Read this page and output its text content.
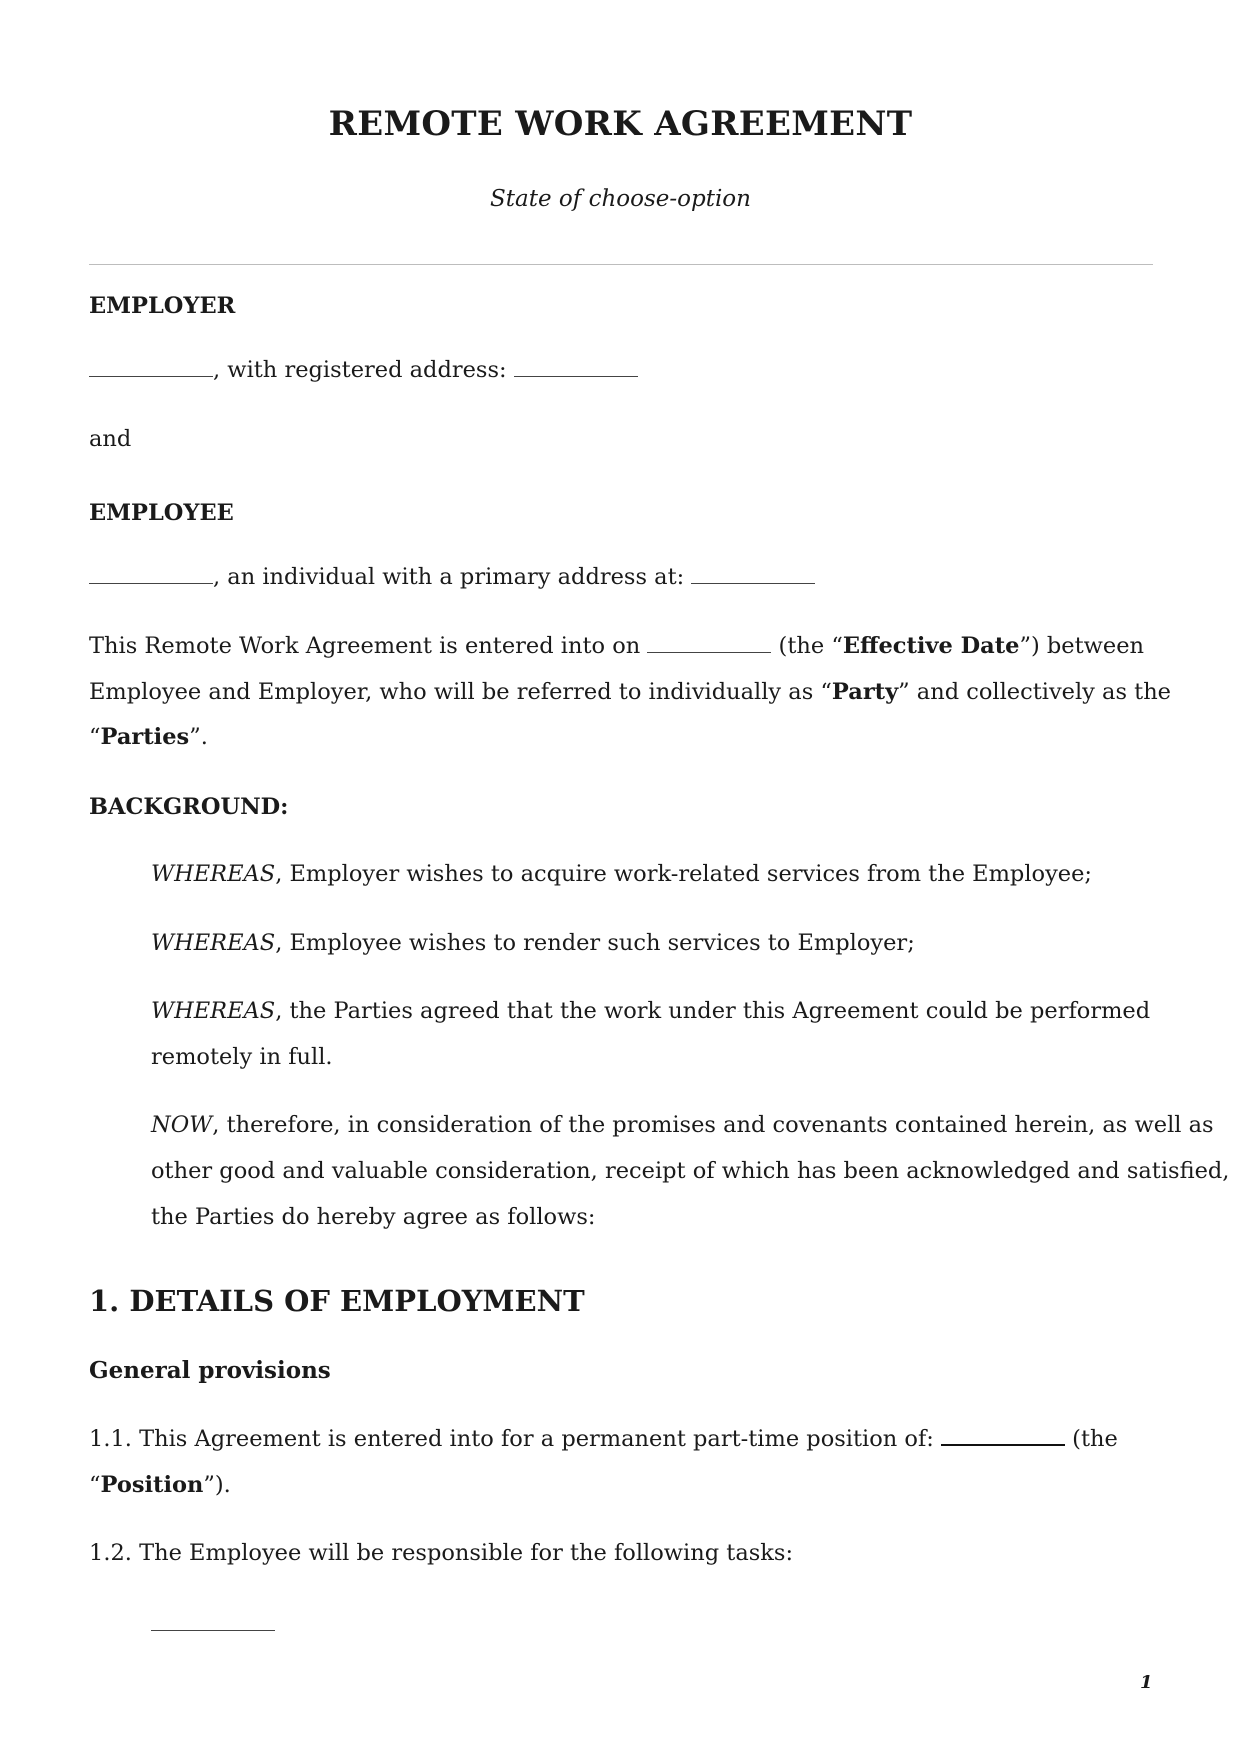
REMOTE WORK AGREEMENT
State of choose-option
EMPLOYER
, with registered address:
and
EMPLOYEE
, an individual with a primary address at:
This Remote Work Agreement is entered into on	(the “Effective Date”) between
Employee and Employer, who will be referred to individually as “Party” and collectively as the
“Parties”.
BACKGROUND:
WHEREAS, Employer wishes to acquire work-related services from the Employee;
WHEREAS, Employee wishes to render such services to Employer;
WHEREAS, the Parties agreed that the work under this Agreement could be performed
remotely in full.
NOW, therefore, in consideration of the promises and covenants contained herein, as well as
other good and valuable consideration, receipt of which has been acknowledged and satisfied,
the Parties do hereby agree as follows:
1. DETAILS OF EMPLOYMENT
General provisions
1.1. This Agreement is entered into for a permanent part-time position of:	(the
“Position”).
1.2. The Employee will be responsible for the following tasks:
1
